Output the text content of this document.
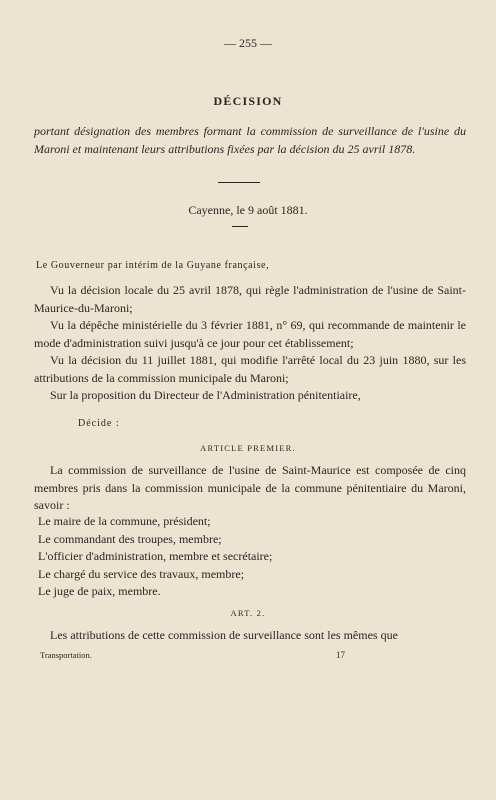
— 255 —
DÉCISION
portant désignation des membres formant la commission de surveillance de l'usine du Maroni et maintenant leurs attributions fixées par la décision du 25 avril 1878.
Cayenne, le 9 août 1881.
Le Gouverneur par intérim de la Guyane française,

Vu la décision locale du 25 avril 1878, qui règle l'administration de l'usine de Saint-Maurice-du-Maroni;

Vu la dépêche ministérielle du 3 février 1881, n° 69, qui recommande de maintenir le mode d'administration suivi jusqu'à ce jour pour cet établissement;

Vu la décision du 11 juillet 1881, qui modifie l'arrêté local du 23 juin 1880, sur les attributions de la commission municipale du Maroni;

Sur la proposition du Directeur de l'Administration pénitentiaire,

Décide :
ARTICLE PREMIER.

La commission de surveillance de l'usine de Saint-Maurice est composée de cinq membres pris dans la commission municipale de la commune pénitentiaire du Maroni, savoir :

Le maire de la commune, président;
Le commandant des troupes, membre;
L'officier d'administration, membre et secrétaire;
Le chargé du service des travaux, membre;
Le juge de paix, membre.
ART. 2.

Les attributions de cette commission de surveillance sont les mêmes que

Transportation.	17
